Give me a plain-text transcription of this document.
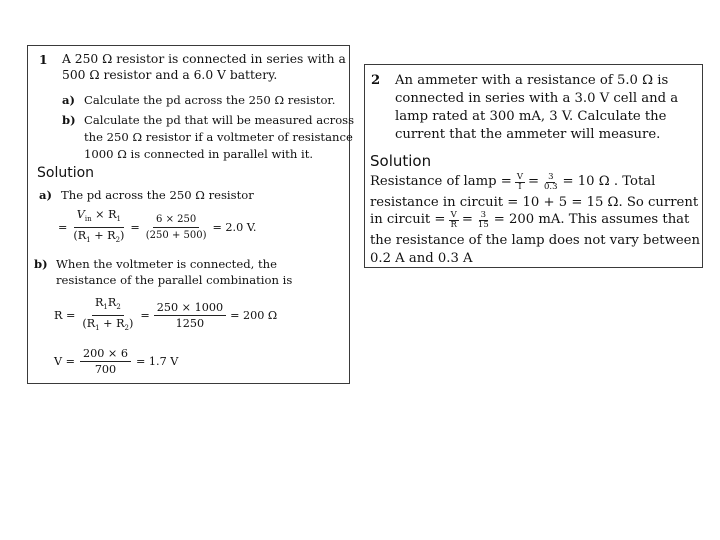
1 A 250 Ω resistor is connected in series with a
500 Ω resistor and a 6.0 V battery.
a) Calculate the pd across the 250 Ω resistor.
b) Calculate the pd that will be measured across
the 250 Ω resistor if a voltmeter of resistance
1000 Ω is connected in parallel with it.
Solution
a) The pd across the 250 Ω resistor
= $\frac{V_{in} \times R_1}{(R_1 + R_2)} = \frac{6 \times 250}{(250 + 500)} = 2.0$ V.
b) When the voltmeter is connected, the
resistance of the parallel combination is
$R = \frac{R_1R_2}{(R_1 + R_2)} = \frac{250 \times 1000}{1250} = 200$ Ω
$V = \frac{200 \times 6}{700} = 1.7$ V
2 An ammeter with a resistance of 5.0 Ω is
connected in series with a 3.0 V cell and a
lamp rated at 300 mA, 3 V. Calculate the
current that the ammeter will measure.
Solution
Resistance of lamp = $\frac{V}{I} = \frac{3}{0.3} = 10$ Ω . Total
resistance in circuit = 10 + 5 = 15 Ω. So current
in circuit = $\frac{V}{R} = \frac{3}{15} = 200$ mA. This assumes that
the resistance of the lamp does not vary between
0.2 A and 0.3 A
